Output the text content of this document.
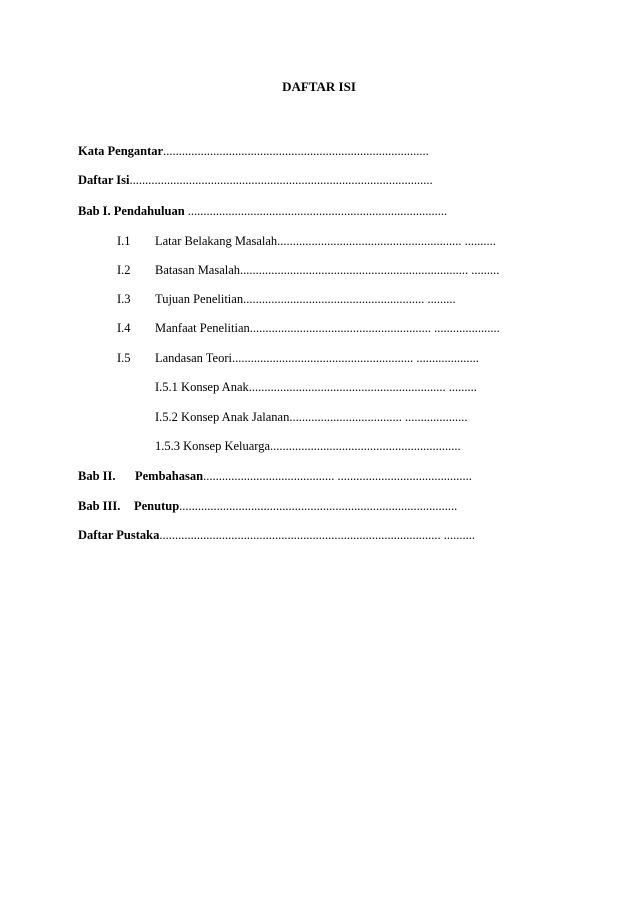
DAFTAR ISI
Kata Pengantar.....................................................................................
Daftar Isi.................................................................................................
Bab I. Pendahuluan ...................................................................................
I.1 Latar Belakang Masalah........................................................... ..........
I.2 Batasan Masalah......................................................................... .........
I.3 Tujuan Penelitian.......................................................... .........
I.4 Manfaat Penelitian.......................................................... .....................
I.5 Landasan Teori.......................................................... ....................
I.5.1 Konsep Anak............................................................... .........
I.5.2 Konsep Anak Jalanan.................................... ....................
1.5.3 Konsep Keluarga.............................................................
Bab II. Pembahasan.......................................... ...........................................
Bab III. Penutup.........................................................................................
Daftar Pustaka.......................................................................................... ..........
